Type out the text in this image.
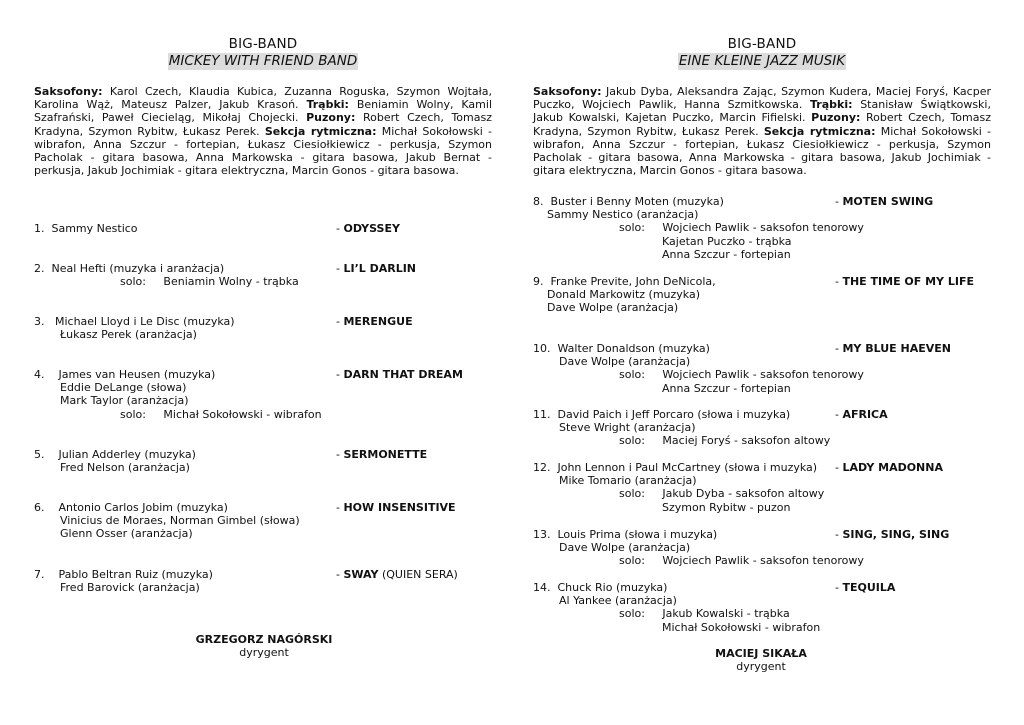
BIG-BAND
MICKEY WITH FRIEND BAND

Saksofony: Karol Czech, Klaudia Kubica, Zuzanna Roguska, Szymon Wojtała, Karolina Wąż, Mateusz Palzer, Jakub Krasoń. Trąbki: Beniamin Wolny, Kamil Szafrański, Paweł Ciecieląg, Mikołaj Chojecki. Puzony: Robert Czech, Tomasz Kradyna, Szymon Rybitw, Łukasz Perek. Sekcja rytmiczna: Michał Sokołowski - wibrafon, Anna Szczur - fortepian, Łukasz Ciesiołkiewicz - perkusja, Szymon Pacholak - gitara basowa, Anna Markowska - gitara basowa, Jakub Bernat - perkusja, Jakub Jochimiak - gitara elektryczna, Marcin Gonos - gitara basowa.

1.  Sammy Nestico	- ODYSSEY
2.  Neal Hefti (muzyka i aranżacja)	- LI’L DARLIN
solo:     Beniamin Wolny - trąbka
3.   Michael Lloyd i Le Disc (muzyka)	- MERENGUE
Łukasz Perek (aranżacja)
4.    James van Heusen (muzyka)	- DARN THAT DREAM
Eddie DeLange (słowa)
Mark Taylor (aranżacja)
solo:     Michał Sokołowski - wibrafon
5.    Julian Adderley (muzyka)	- SERMONETTE
Fred Nelson (aranżacja)
6.    Antonio Carlos Jobim (muzyka)	- HOW INSENSITIVE
Vinicius de Moraes, Norman Gimbel (słowa)
Glenn Osser (aranżacja)
7.    Pablo Beltran Ruiz (muzyka)	- SWAY (QUIEN SERA)
Fred Barovick (aranżacja)
GRZEGORZ NAGÓRSKI
dyrygent
BIG-BAND
EINE KLEINE JAZZ MUSIK

Saksofony: Jakub Dyba, Aleksandra Zając, Szymon Kudera, Maciej Foryś, Kacper Puczko, Wojciech Pawlik, Hanna Szmitkowska. Trąbki: Stanisław Świątkowski, Jakub Kowalski, Kajetan Puczko, Marcin Fifielski. Puzony: Robert Czech, Tomasz Kradyna, Szymon Rybitw, Łukasz Perek. Sekcja rytmiczna: Michał Sokołowski - wibrafon, Anna Szczur - fortepian, Łukasz Ciesiołkiewicz - perkusja, Szymon Pacholak - gitara basowa, Anna Markowska - gitara basowa, Jakub Jochimiak - gitara elektryczna, Marcin Gonos - gitara basowa.

8.  Buster i Benny Moten (muzyka)	- MOTEN SWING
Sammy Nestico (aranżacja)
solo:     Wojciech Pawlik - saksofon tenorowy
Kajetan Puczko - trąbka
Anna Szczur - fortepian
9.  Franke Previte, John DeNicola,	- THE TIME OF MY LIFE
Donald Markowitz (muzyka)
Dave Wolpe (aranżacja)
10.  Walter Donaldson (muzyka)	- MY BLUE HAEVEN
Dave Wolpe (aranżacja)
solo:     Wojciech Pawlik - saksofon tenorowy
Anna Szczur - fortepian
11.  David Paich i Jeff Porcaro (słowa i muzyka)	- AFRICA
Steve Wright (aranżacja)
solo:     Maciej Foryś - saksofon altowy
12.  John Lennon i Paul McCartney (słowa i muzyka) - LADY MADONNA
Mike Tomario (aranżacja)
solo:     Jakub Dyba - saksofon altowy
Szymon Rybitw - puzon
13.  Louis Prima (słowa i muzyka)	- SING, SING, SING
Dave Wolpe (aranżacja)
solo:     Wojciech Pawlik - saksofon tenorowy
14.  Chuck Rio (muzyka)	- TEQUILA
Al Yankee (aranżacja)
solo:     Jakub Kowalski - trąbka
Michał Sokołowski - wibrafon
MACIEJ SIKAŁA
dyrygent
